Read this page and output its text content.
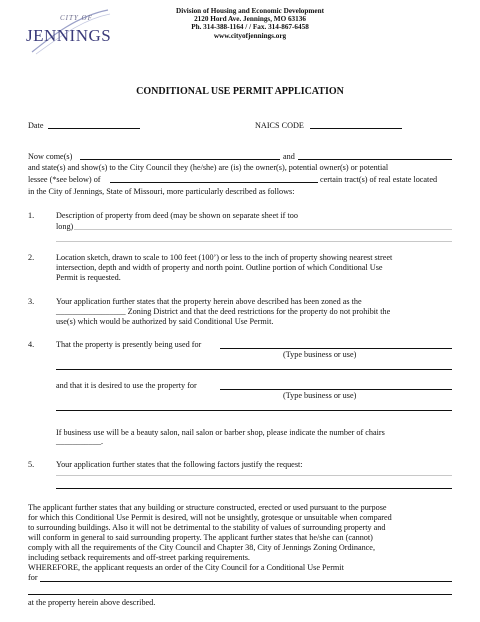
CITY OF
JENNINGS
Division of Housing and Economic Development
2120 Hord Ave. Jennings, MO 63136
Ph. 314-388-1164 / / Fax. 314-867-6458
www.cityofjennings.org
CONDITIONAL USE PERMIT APPLICATION
Date	NAICS CODE
Now come(s)	and
and state(s) and show(s) to the City Council they (he/she) are (is) the owner(s), potential owner(s) or potential
lessee (*see below) of	certain tract(s) of real estate located
in the City of Jennings, State of Missouri, more particularly described as follows:
1.	Description of property from deed (may be shown on separate sheet if too
long)
2.	Location sketch, drawn to scale to 100 feet (100’) or less to the inch of property showing nearest street
intersection, depth and width of property and north point. Outline portion of which Conditional Use
Permit is requested.
3.	Your application further states that the property herein above described has been zoned as the
_________________ Zoning District and that the deed restrictions for the property do not prohibit the
use(s) which would be authorized by said Conditional Use Permit.
4.	That the property is presently being used for
(Type business or use)
and that it is desired to use the property for
(Type business or use)
If business use will be a beauty salon, nail salon or barber shop, please indicate the number of chairs
___________.
5.	Your application further states that the following factors justify the request:
The applicant further states that any building or structure constructed, erected or used pursuant to the purpose
for which this Conditional Use Permit is desired, will not be unsightly, grotesque or unsuitable when compared
to surrounding buildings. Also it will not be detrimental to the stability of values of surrounding property and
will conform in general to said surrounding property. The applicant further states that he/she can (cannot)
comply with all the requirements of the City Council and Chapter 38, City of Jennings Zoning Ordinance,
including setback requirements and off-street parking requirements.
WHEREFORE, the applicant requests an order of the City Council for a Conditional Use Permit
for
at the property herein above described.
